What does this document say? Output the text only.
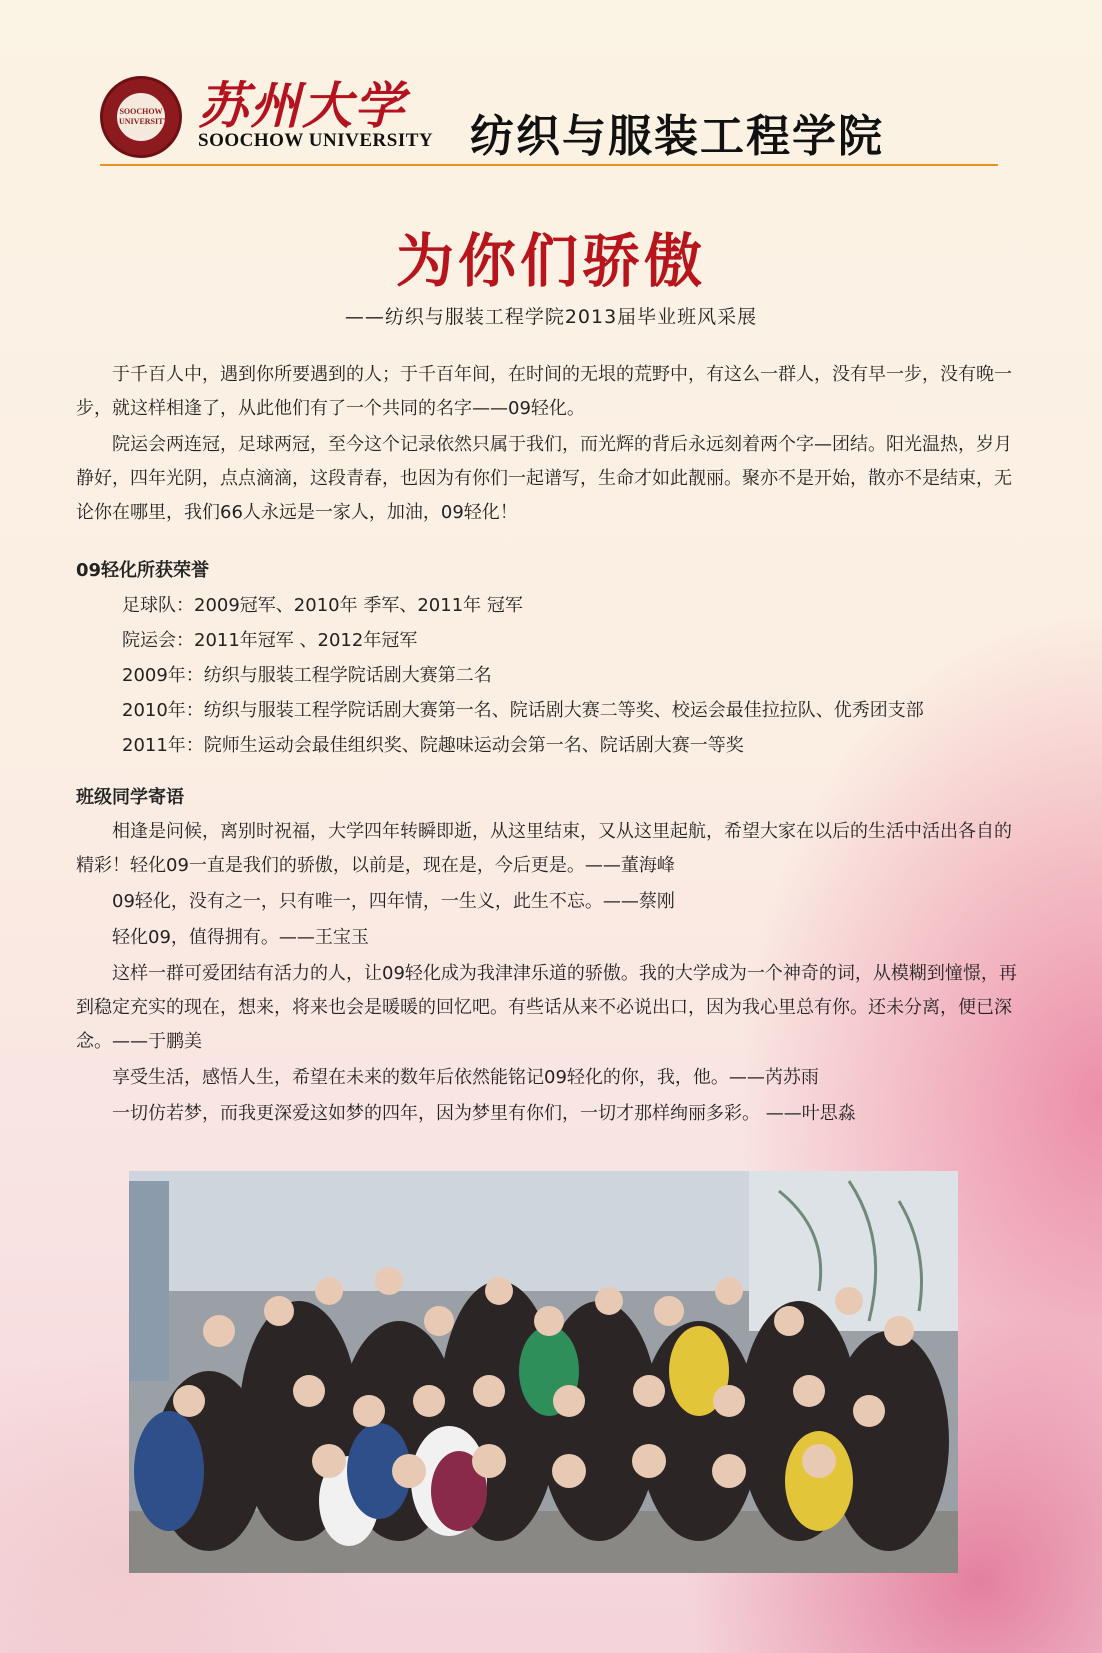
SOOCHOW UNIVERSITY 苏州大学
SOOCHOW UNIVERSITY 纺织与服装工程学院
为你们骄傲
——纺织与服装工程学院2013届毕业班风采展

于千百人中，遇到你所要遇到的人；于千百年间，在时间的无垠的荒野中，有这么一群人，没有早一步，没有晚一步，就这样相逢了，从此他们有了一个共同的名字——09轻化。

院运会两连冠，足球两冠，至今这个记录依然只属于我们，而光辉的背后永远刻着两个字—团结。阳光温热，岁月静好，四年光阴，点点滴滴，这段青春，也因为有你们一起谱写，生命才如此靓丽。聚亦不是开始，散亦不是结束，无论你在哪里，我们66人永远是一家人，加油，09轻化！

09轻化所获荣誉

足球队：2009冠军、2010年 季军、2011年 冠军

院运会：2011年冠军 、2012年冠军

2009年：纺织与服装工程学院话剧大赛第二名

2010年：纺织与服装工程学院话剧大赛第一名、院话剧大赛二等奖、校运会最佳拉拉队、优秀团支部

2011年：院师生运动会最佳组织奖、院趣味运动会第一名、院话剧大赛一等奖

班级同学寄语

相逢是问候，离别时祝福，大学四年转瞬即逝，从这里结束，又从这里起航，希望大家在以后的生活中活出各自的精彩！轻化09一直是我们的骄傲，以前是，现在是，今后更是。——董海峰

09轻化，没有之一，只有唯一，四年情，一生义，此生不忘。——蔡刚

轻化09，值得拥有。——王宝玉

这样一群可爱团结有活力的人，让09轻化成为我津津乐道的骄傲。我的大学成为一个神奇的词，从模糊到憧憬，再到稳定充实的现在，想来，将来也会是暖暖的回忆吧。有些话从来不必说出口，因为我心里总有你。还未分离，便已深念。——于鹏美

享受生活，感悟人生，希望在未来的数年后依然能铭记09轻化的你，我，他。——芮苏雨

一切仿若梦，而我更深爱这如梦的四年，因为梦里有你们，一切才那样绚丽多彩。 ——叶思淼
